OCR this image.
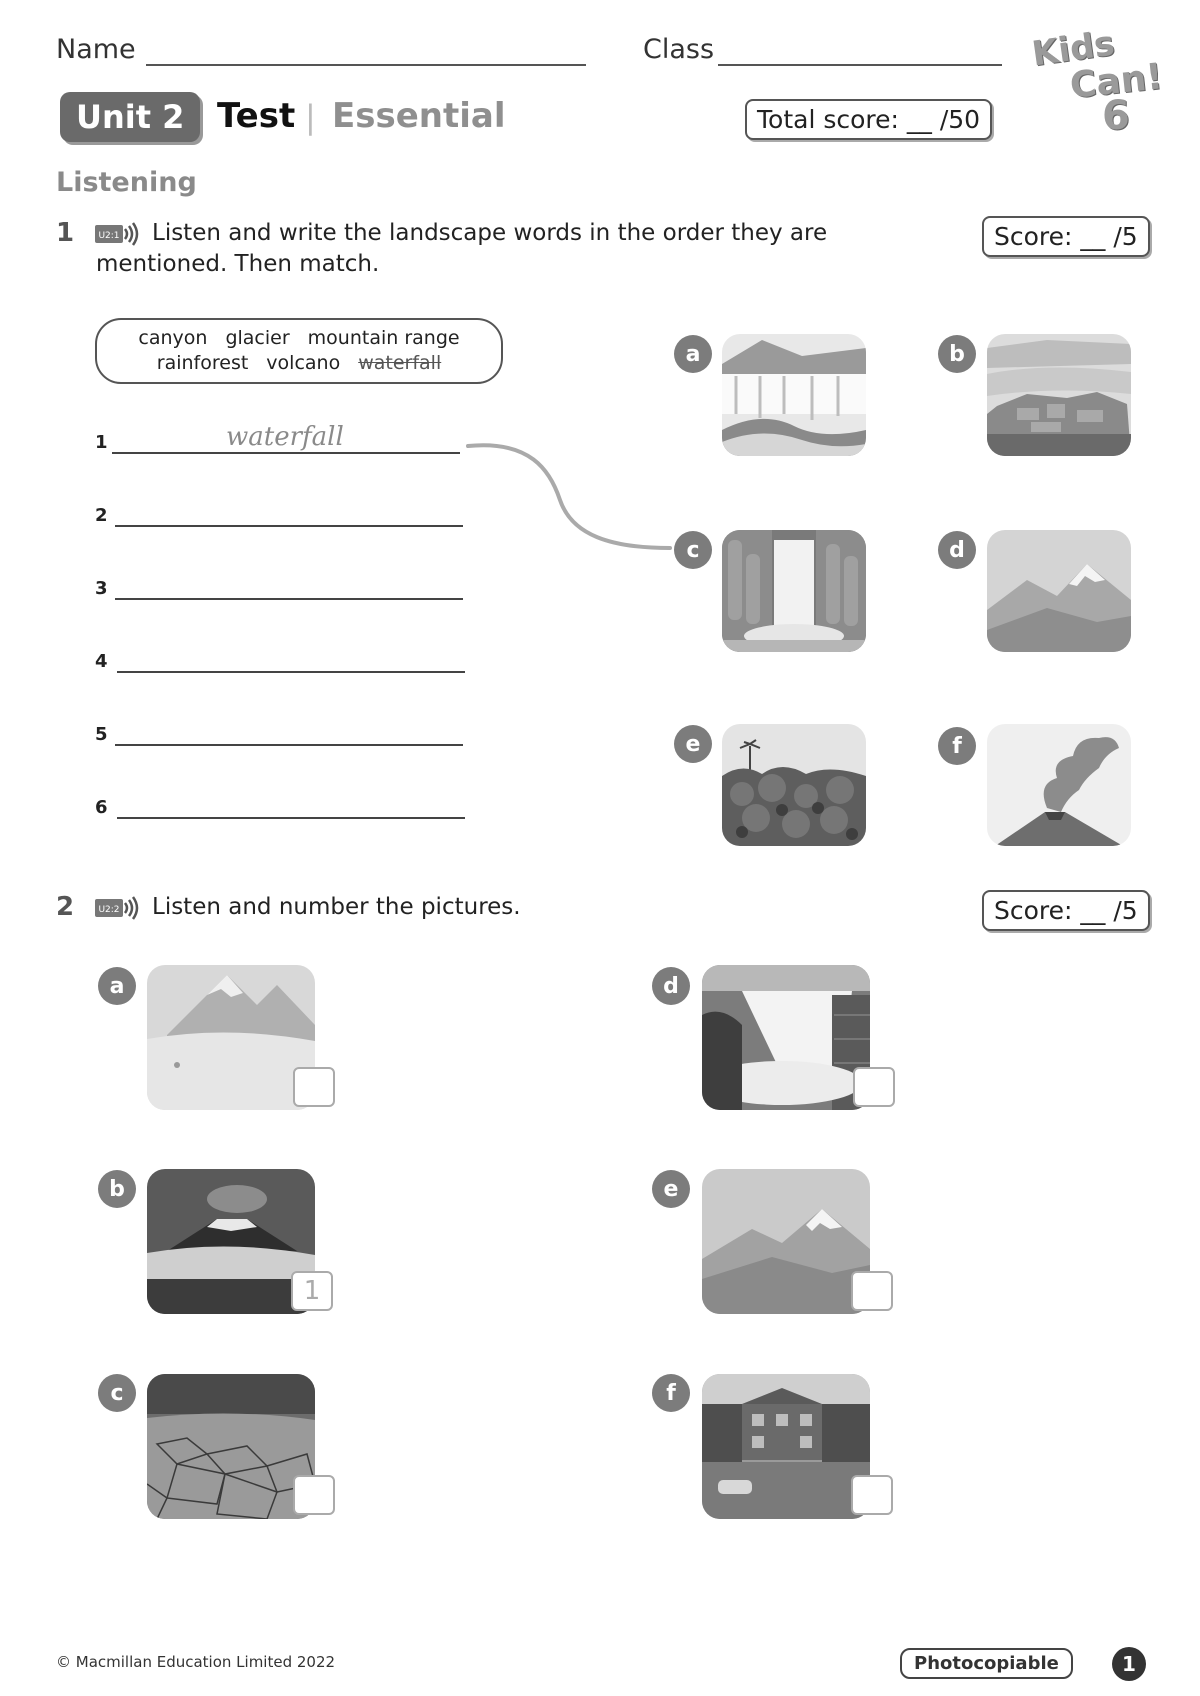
Name	Class	Kids
Can!
6
Unit 2 Test | Essential	Total score: __ /50
Listening
1	U2:1	Listen and write the landscape words in the order they are mentioned. Then match.
Score: __ /5
canyon glacier mountain range
rainforest volcano waterfall
1	waterfall
2
3
4
5
6
a	b
c	d
e	f
2	U2:2 Listen and number the pictures.	Score: __ /5
a
b
1
c
d
e
f
© Macmillan Education Limited 2022	Photocopiable	1
